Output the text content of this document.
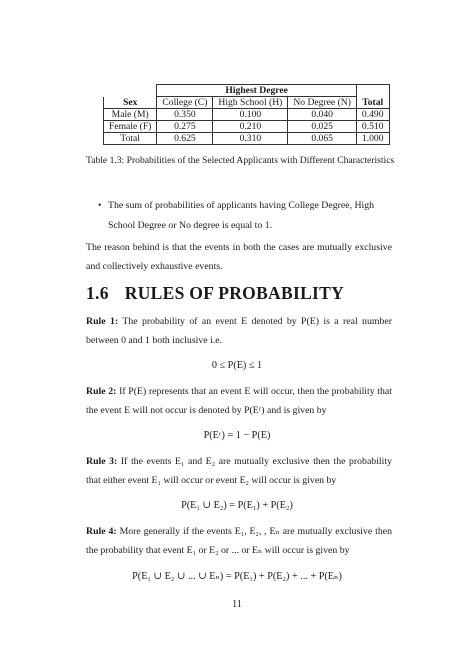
	Highest Degree			
Sex	College (C)	High School (H)	No Degree (N)	Total
Male (M)	0.350	0.100	0.040	0.490
Female (F)	0.275	0.210	0.025	0.510
Total	0.625	0.310	0.065	1.000
Table 1.3: Probabilities of the Selected Applicants with Different Characteristics
• The sum of probabilities of applicants having College Degree, High School Degree or No degree is equal to 1.
The reason behind is that the events in both the cases are mutually exclusive and collectively exhaustive events.
1.6 RULES OF PROBABILITY
Rule 1: The probability of an event E denoted by P(E) is a real number between 0 and 1 both inclusive i.e.
0 ≤ P(E) ≤ 1
Rule 2: If P(E) represents that an event E will occur, then the probability that the event E will not occur is denoted by P(Eᶜ) and is given by
P(Eᶜ) = 1 − P(E)
Rule 3: If the events E₁ and E₂ are mutually exclusive then the probability that either event E₁ will occur or event E₂ will occur is given by
P(E₁ ∪ E₂) = P(E₁) + P(E₂)
Rule 4: More generally if the events E₁, E₂, , Eₙ are mutually exclusive then the probability that event E₁ or E₂ or ... or Eₙ will occur is given by
P(E₁ ∪ E₂ ∪ ... ∪ Eₙ) = P(E₁) + P(E₂) + ... + P(Eₙ)
11
